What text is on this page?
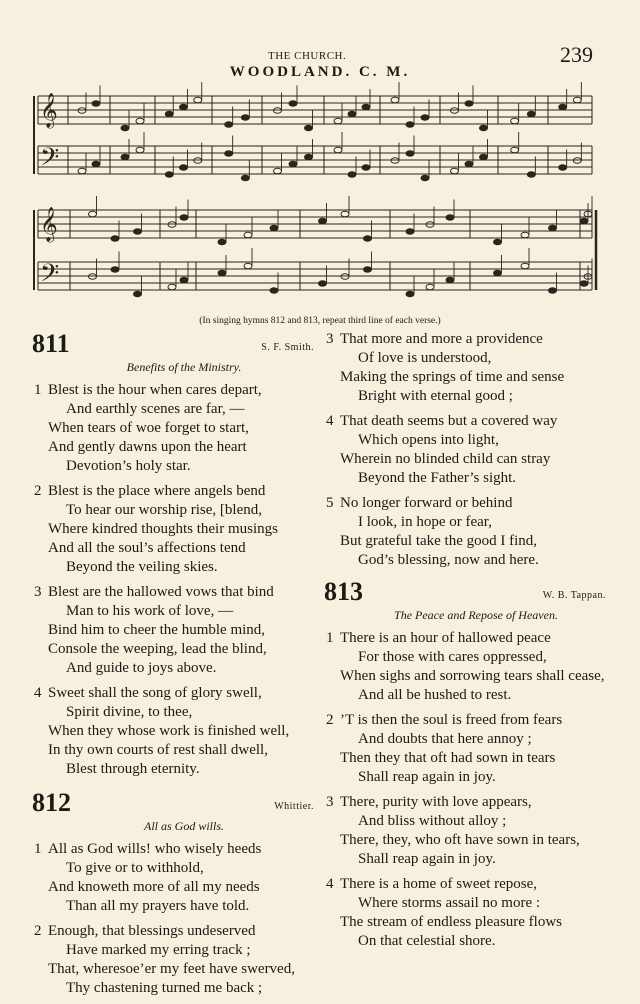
THE CHURCH.	239
WOODLAND. C. M.
𝄞
𝄢
𝄞
𝄢
(In singing hymns 812 and 813, repeat third line of each verse.)
811	S. F. Smith.
Benefits of the Ministry.
1 Blest is the hour when cares depart,
And earthly scenes are far, —
When tears of woe forget to start,
And gently dawns upon the heart
Devotion’s holy star.
2 Blest is the place where angels bend
To hear our worship rise, [blend,
Where kindred thoughts their musings
And all the soul’s affections tend
Beyond the veiling skies.
3 Blest are the hallowed vows that bind
Man to his work of love, —
Bind him to cheer the humble mind,
Console the weeping, lead the blind,
And guide to joys above.
4 Sweet shall the song of glory swell,
Spirit divine, to thee,
When they whose work is finished well,
In thy own courts of rest shall dwell,
Blest through eternity.
812	Whittier.
All as God wills.
1 All as God wills! who wisely heeds
To give or to withhold,
And knoweth more of all my needs
Than all my prayers have told.
2 Enough, that blessings undeserved
Have marked my erring track ;
That, wheresoe’er my feet have swerved,
Thy chastening turned me back ;
3 That more and more a providence
Of love is understood,
Making the springs of time and sense
Bright with eternal good ;
4 That death seems but a covered way
Which opens into light,
Wherein no blinded child can stray
Beyond the Father’s sight.
5 No longer forward or behind
I look, in hope or fear,
But grateful take the good I find,
God’s blessing, now and here.
813	W. B. Tappan.
The Peace and Repose of Heaven.
1 There is an hour of hallowed peace
For those with cares oppressed,
When sighs and sorrowing tears shall cease,
And all be hushed to rest.
2 ’T is then the soul is freed from fears
And doubts that here annoy ;
Then they that oft had sown in tears
Shall reap again in joy.
3 There, purity with love appears,
And bliss without alloy ;
There, they, who oft have sown in tears,
Shall reap again in joy.
4 There is a home of sweet repose,
Where storms assail no more :
The stream of endless pleasure flows
On that celestial shore.
